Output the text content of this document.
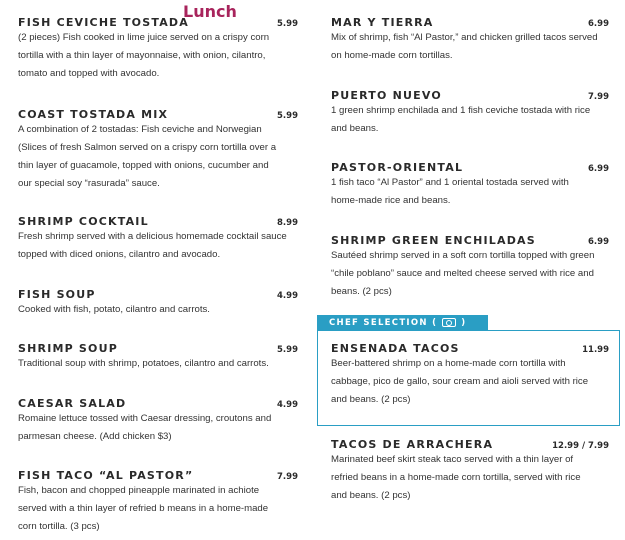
Lunch
FISH CEVICHE TOSTADA	5.99
(2 pieces) Fish cooked in lime juice served on a crispy corn
tortilla with a thin layer of mayonnaise, with onion, cilantro,
tomato and topped with avocado.
COAST TOSTADA MIX	5.99
A combination of 2 tostadas: Fish ceviche and Norwegian
(Slices of fresh Salmon served on a crispy corn tortilla over a
thin layer of guacamole, topped with onions, cucumber and
our special soy “rasurada” sauce.
SHRIMP COCKTAIL	8.99
Fresh shrimp served with a delicious homemade cocktail sauce
topped with diced onions, cilantro and avocado.
FISH SOUP	4.99
Cooked with fish, potato, cilantro and carrots.
SHRIMP SOUP	5.99
Traditional soup with shrimp, potatoes, cilantro and carrots.
CAESAR SALAD	4.99
Romaine lettuce tossed with Caesar dressing, croutons and
parmesan cheese. (Add chicken $3)
FISH TACO “AL PASTOR”	7.99
Fish, bacon and chopped pineapple marinated in achiote
served with a thin layer of refried b means in a home-made
corn tortilla. (3 pcs)
MAR Y TIERRA	6.99
Mix of shrimp, fish “Al Pastor,” and chicken grilled tacos served
on home-made corn tortillas.
PUERTO NUEVO	7.99
1 green shrimp enchilada and 1 fish ceviche tostada with rice
and beans.
PASTOR-ORIENTAL	6.99
1 fish taco “Al Pastor” and 1 oriental tostada served with
home-made rice and beans.
SHRIMP GREEN ENCHILADAS	6.99
Sautéed shrimp served in a soft corn tortilla topped with green
“chile poblano” sauce and melted cheese served with rice and
beans. (2 pcs)
ENSENADA TACOS	11.99
Beer-battered shrimp on a home-made corn tortilla with
cabbage, pico de gallo, sour cream and aioli served with rice
and beans. (2 pcs)
TACOS DE ARRACHERA	12.99 / 7.99
Marinated beef skirt steak taco served with a thin layer of
refried beans in a home-made corn tortilla, served with rice
and beans. (2 pcs)
CHEF SELECTION (	)
